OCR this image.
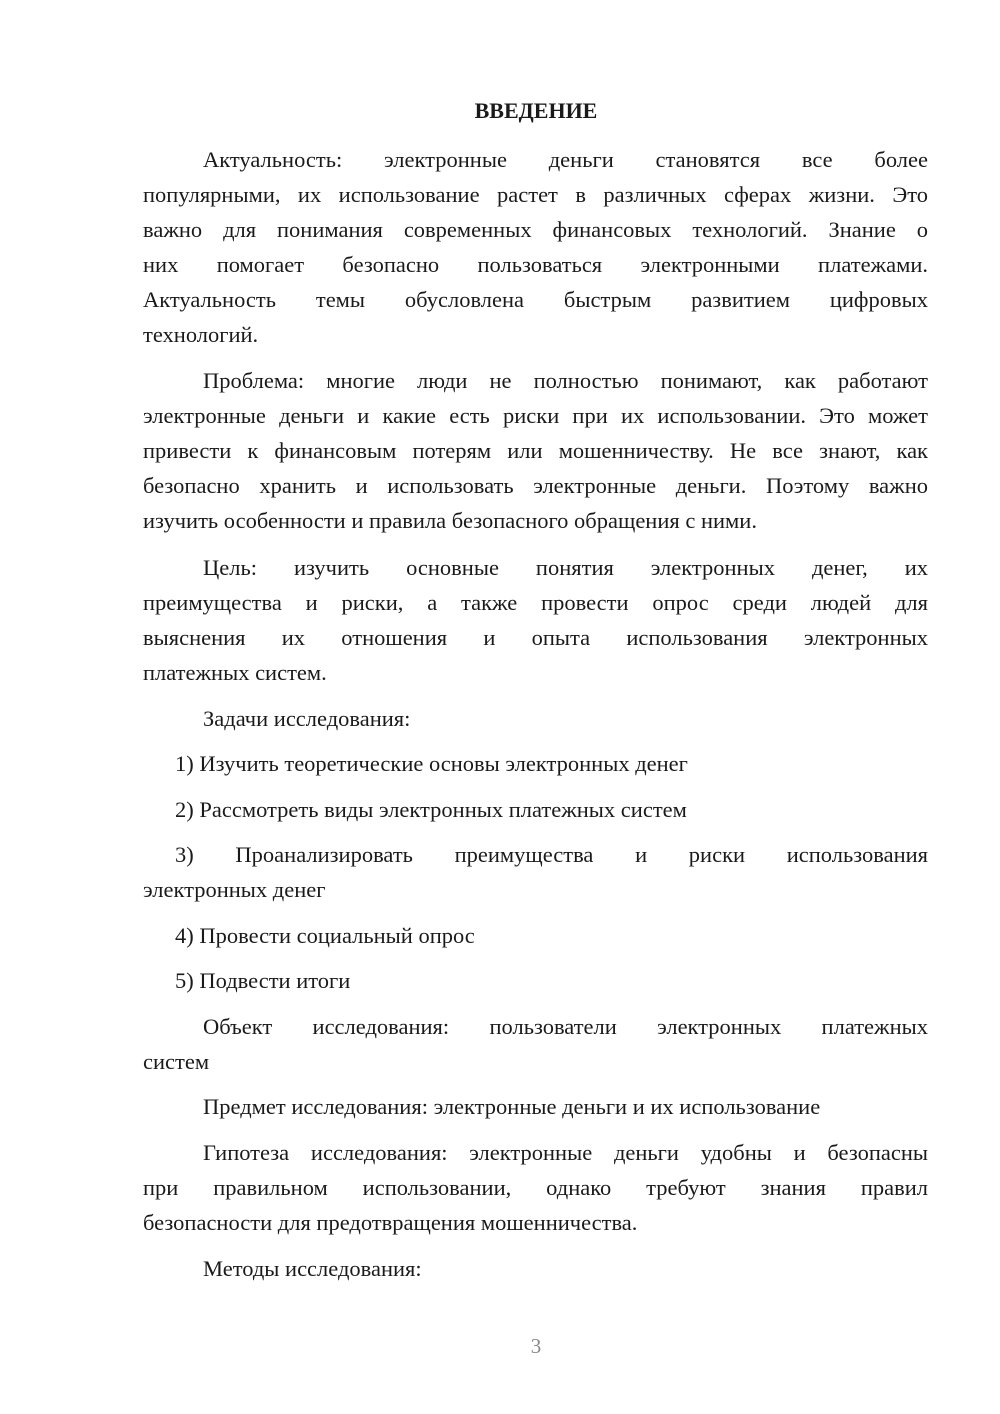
ВВЕДЕНИЕ
Актуальность: электронные деньги становятся все более
популярными, их использование растет в различных сферах жизни. Это
важно для понимания современных финансовых технологий. Знание о
них помогает безопасно пользоваться электронными платежами.
Актуальность темы обусловлена быстрым развитием цифровых
технологий.
Проблема: многие люди не полностью понимают, как работают
электронные деньги и какие есть риски при их использовании. Это может
привести к финансовым потерям или мошенничеству. Не все знают, как
безопасно хранить и использовать электронные деньги. Поэтому важно
изучить особенности и правила безопасного обращения с ними.
Цель: изучить основные понятия электронных денег, их
преимущества и риски, а также провести опрос среди людей для
выяснения их отношения и опыта использования электронных
платежных систем.
Задачи исследования:
1) Изучить теоретические основы электронных денег
2) Рассмотреть виды электронных платежных систем
3) Проанализировать преимущества и риски использования
электронных денег
4) Провести социальный опрос
5) Подвести итоги
Объект исследования: пользователи электронных платежных
систем
Предмет исследования: электронные деньги и их использование
Гипотеза исследования: электронные деньги удобны и безопасны
при правильном использовании, однако требуют знания правил
безопасности для предотвращения мошенничества.
Методы исследования:
3
